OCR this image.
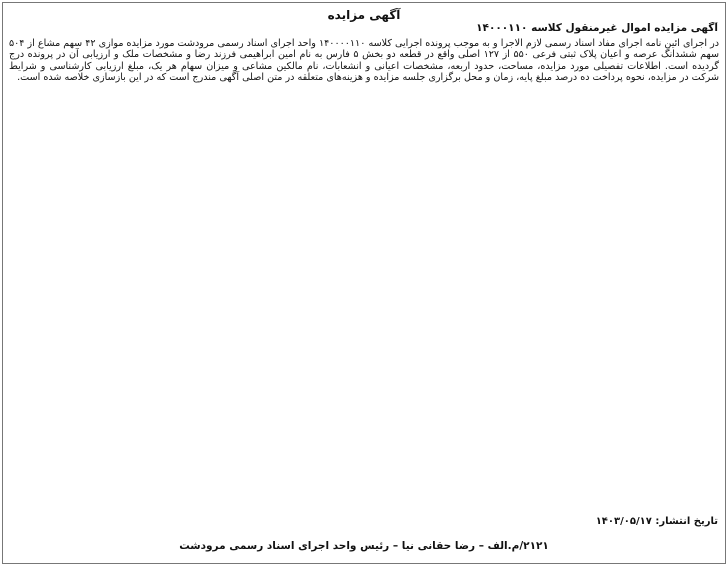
آگهی مزایده
آگهی مزایده اموال غیرمنقول کلاسه ۱۴۰۰۰۱۱۰
در اجرای آئین نامه اجرای مفاد اسناد رسمی لازم الاجرا و به موجب پرونده اجرایی کلاسه ۱۴۰۰۰۰۱۱۰ واحد اجرای اسناد رسمی مرودشت مورد مزایده موازی ۴۲ سهم مشاع از ۵۰۴ سهم ششدانگ عرصه و اعیان پلاک ثبتی فرعی ۵۵۰ از ۱۲۷ اصلی واقع در قطعه دو بخش ۵ فارس به نام امین ابراهیمی فرزند رضا و مشخصات ملک و ارزیابی آن در پرونده درج گردیده است. اطلاعات تفصیلی مورد مزایده، مساحت، حدود اربعه، مشخصات اعیانی و انشعابات، نام مالکین مشاعی و میزان سهام هر یک، مبلغ ارزیابی کارشناسی و شرایط شرکت در مزایده، نحوه پرداخت ده درصد مبلغ پایه، زمان و محل برگزاری جلسه مزایده و هزینه‌های متعلقه در متن اصلی آگهی مندرج است که در این بازسازی خلاصه شده است.
تاریخ انتشار: ۱۴۰۳/۰۵/۱۷
۲۱۲۱/م.الف – رضا حقانی نیا – رئیس واحد اجرای اسناد رسمی مرودشت
